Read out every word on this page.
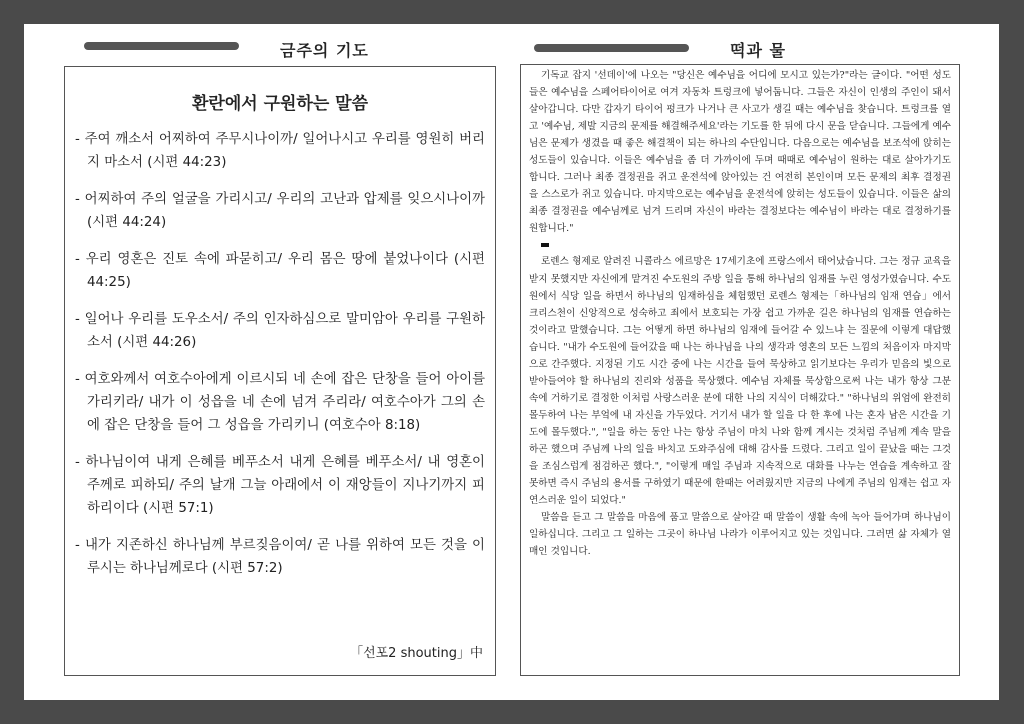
금주의 기도	떡과 물
환란에서 구원하는 말씀

- 주여 깨소서 어찌하여 주무시나이까/ 일어나시고 우리를 영원히 버리지 마소서 (시편 44:23)

- 어찌하여 주의 얼굴을 가리시고/ 우리의 고난과 압제를 잊으시나이까 (시편 44:24)

- 우리 영혼은 진토 속에 파묻히고/ 우리 몸은 땅에 붙었나이다 (시편 44:25)

- 일어나 우리를 도우소서/ 주의 인자하심으로 말미암아 우리를 구원하소서 (시편 44:26)

- 여호와께서 여호수아에게 이르시되 네 손에 잡은 단창을 들어 아이를 가리키라/ 내가 이 성읍을 네 손에 넘겨 주리라/ 여호수아가 그의 손에 잡은 단창을 들어 그 성읍을 가리키니 (여호수아 8:18)

- 하나님이여 내게 은혜를 베푸소서 내게 은혜를 베푸소서/ 내 영혼이 주께로 피하되/ 주의 날개 그늘 아래에서 이 재앙들이 지나기까지 피하리이다 (시편 57:1)

- 내가 지존하신 하나님께 부르짖음이여/ 곧 나를 위하여 모든 것을 이루시는 하나님께로다 (시편 57:2)

「선포2 shouting」中

기독교 잡지 '선데이'에 나오는 "당신은 예수님을 어디에 모시고 있는가?"라는 글이다. "어떤 성도들은 예수님을 스페어타이어로 여겨 자동차 트렁크에 넣어둡니다. 그들은 자신이 인생의 주인이 돼서 살아갑니다. 다만 갑자기 타이어 펑크가 나거나 큰 사고가 생길 때는 예수님을 찾습니다. 트렁크를 열고 '예수님, 제발 지금의 문제를 해결해주세요'라는 기도를 한 뒤에 다시 문을 닫습니다. 그들에게 예수님은 문제가 생겼을 때 좋은 해결책이 되는 하나의 수단입니다. 다음으로는 예수님을 보조석에 앉히는 성도들이 있습니다. 이들은 예수님을 좀 더 가까이에 두며 때때로 예수님이 원하는 대로 살아가기도 합니다. 그러나 최종 결정권을 쥐고 운전석에 앉아있는 건 여전히 본인이며 모든 문제의 최후 결정권을 스스로가 쥐고 있습니다. 마지막으로는 예수님을 운전석에 앉히는 성도들이 있습니다. 이들은 삶의 최종 결정권을 예수님께로 넘겨 드리며 자신이 바라는 결정보다는 예수님이 바라는 대로 결정하기를 원합니다."

로렌스 형제로 알려진 니콜라스 에르망은 17세기초에 프랑스에서 태어났습니다. 그는 정규 교육을 받지 못했지만 자신에게 맡겨진 수도원의 주방 일을 통해 하나님의 임재를 누린 영성가였습니다. 수도원에서 식당 일을 하면서 하나님의 임재하심을 체험했던 로렌스 형제는「하나님의 임재 연습」에서 크리스천이 신앙적으로 성숙하고 죄에서 보호되는 가장 쉽고 가까운 길은 하나님의 임재를 연습하는 것이라고 말했습니다. 그는 어떻게 하면 하나님의 임재에 들어갈 수 있느냐 는 질문에 이렇게 대답했습니다. "내가 수도원에 들어갔을 때 나는 하나님을 나의 생각과 영혼의 모든 느낌의 처음이자 마지막으로 간주했다. 지정된 기도 시간 중에 나는 시간을 들여 묵상하고 읽기보다는 우리가 믿음의 빛으로 받아들여야 할 하나님의 진리와 성품을 묵상했다. 예수님 자체를 묵상함으로써 나는 내가 항상 그분 속에 거하기로 결정한 이처럼 사랑스러운 분에 대한 나의 지식이 더해갔다." "하나님의 위엄에 완전히 몰두하여 나는 부엌에 내 자신을 가두었다. 거기서 내가 할 일을 다 한 후에 나는 혼자 남은 시간을 기도에 몰두했다.", "일을 하는 동안 나는 항상 주님이 마치 나와 함께 계시는 것처럼 주님께 계속 말을 하곤 했으며 주님께 나의 일을 바치고 도와주심에 대해 감사를 드렸다. 그리고 일이 끝났을 때는 그것을 조심스럽게 점검하곤 했다.", "이렇게 매일 주님과 지속적으로 대화를 나누는 연습을 계속하고 잘못하면 즉시 주님의 용서를 구하였기 때문에 한때는 어려웠지만 지금의 나에게 주님의 임재는 쉽고 자연스러운 일이 되었다."

말씀을 듣고 그 말씀을 마음에 품고 말씀으로 살아갈 때 말씀이 생활 속에 녹아 들어가며 하나님이 일하십니다. 그리고 그 일하는 그곳이 하나님 나라가 이루어지고 있는 것입니다. 그러면 삶 자체가 열매인 것입니다.
